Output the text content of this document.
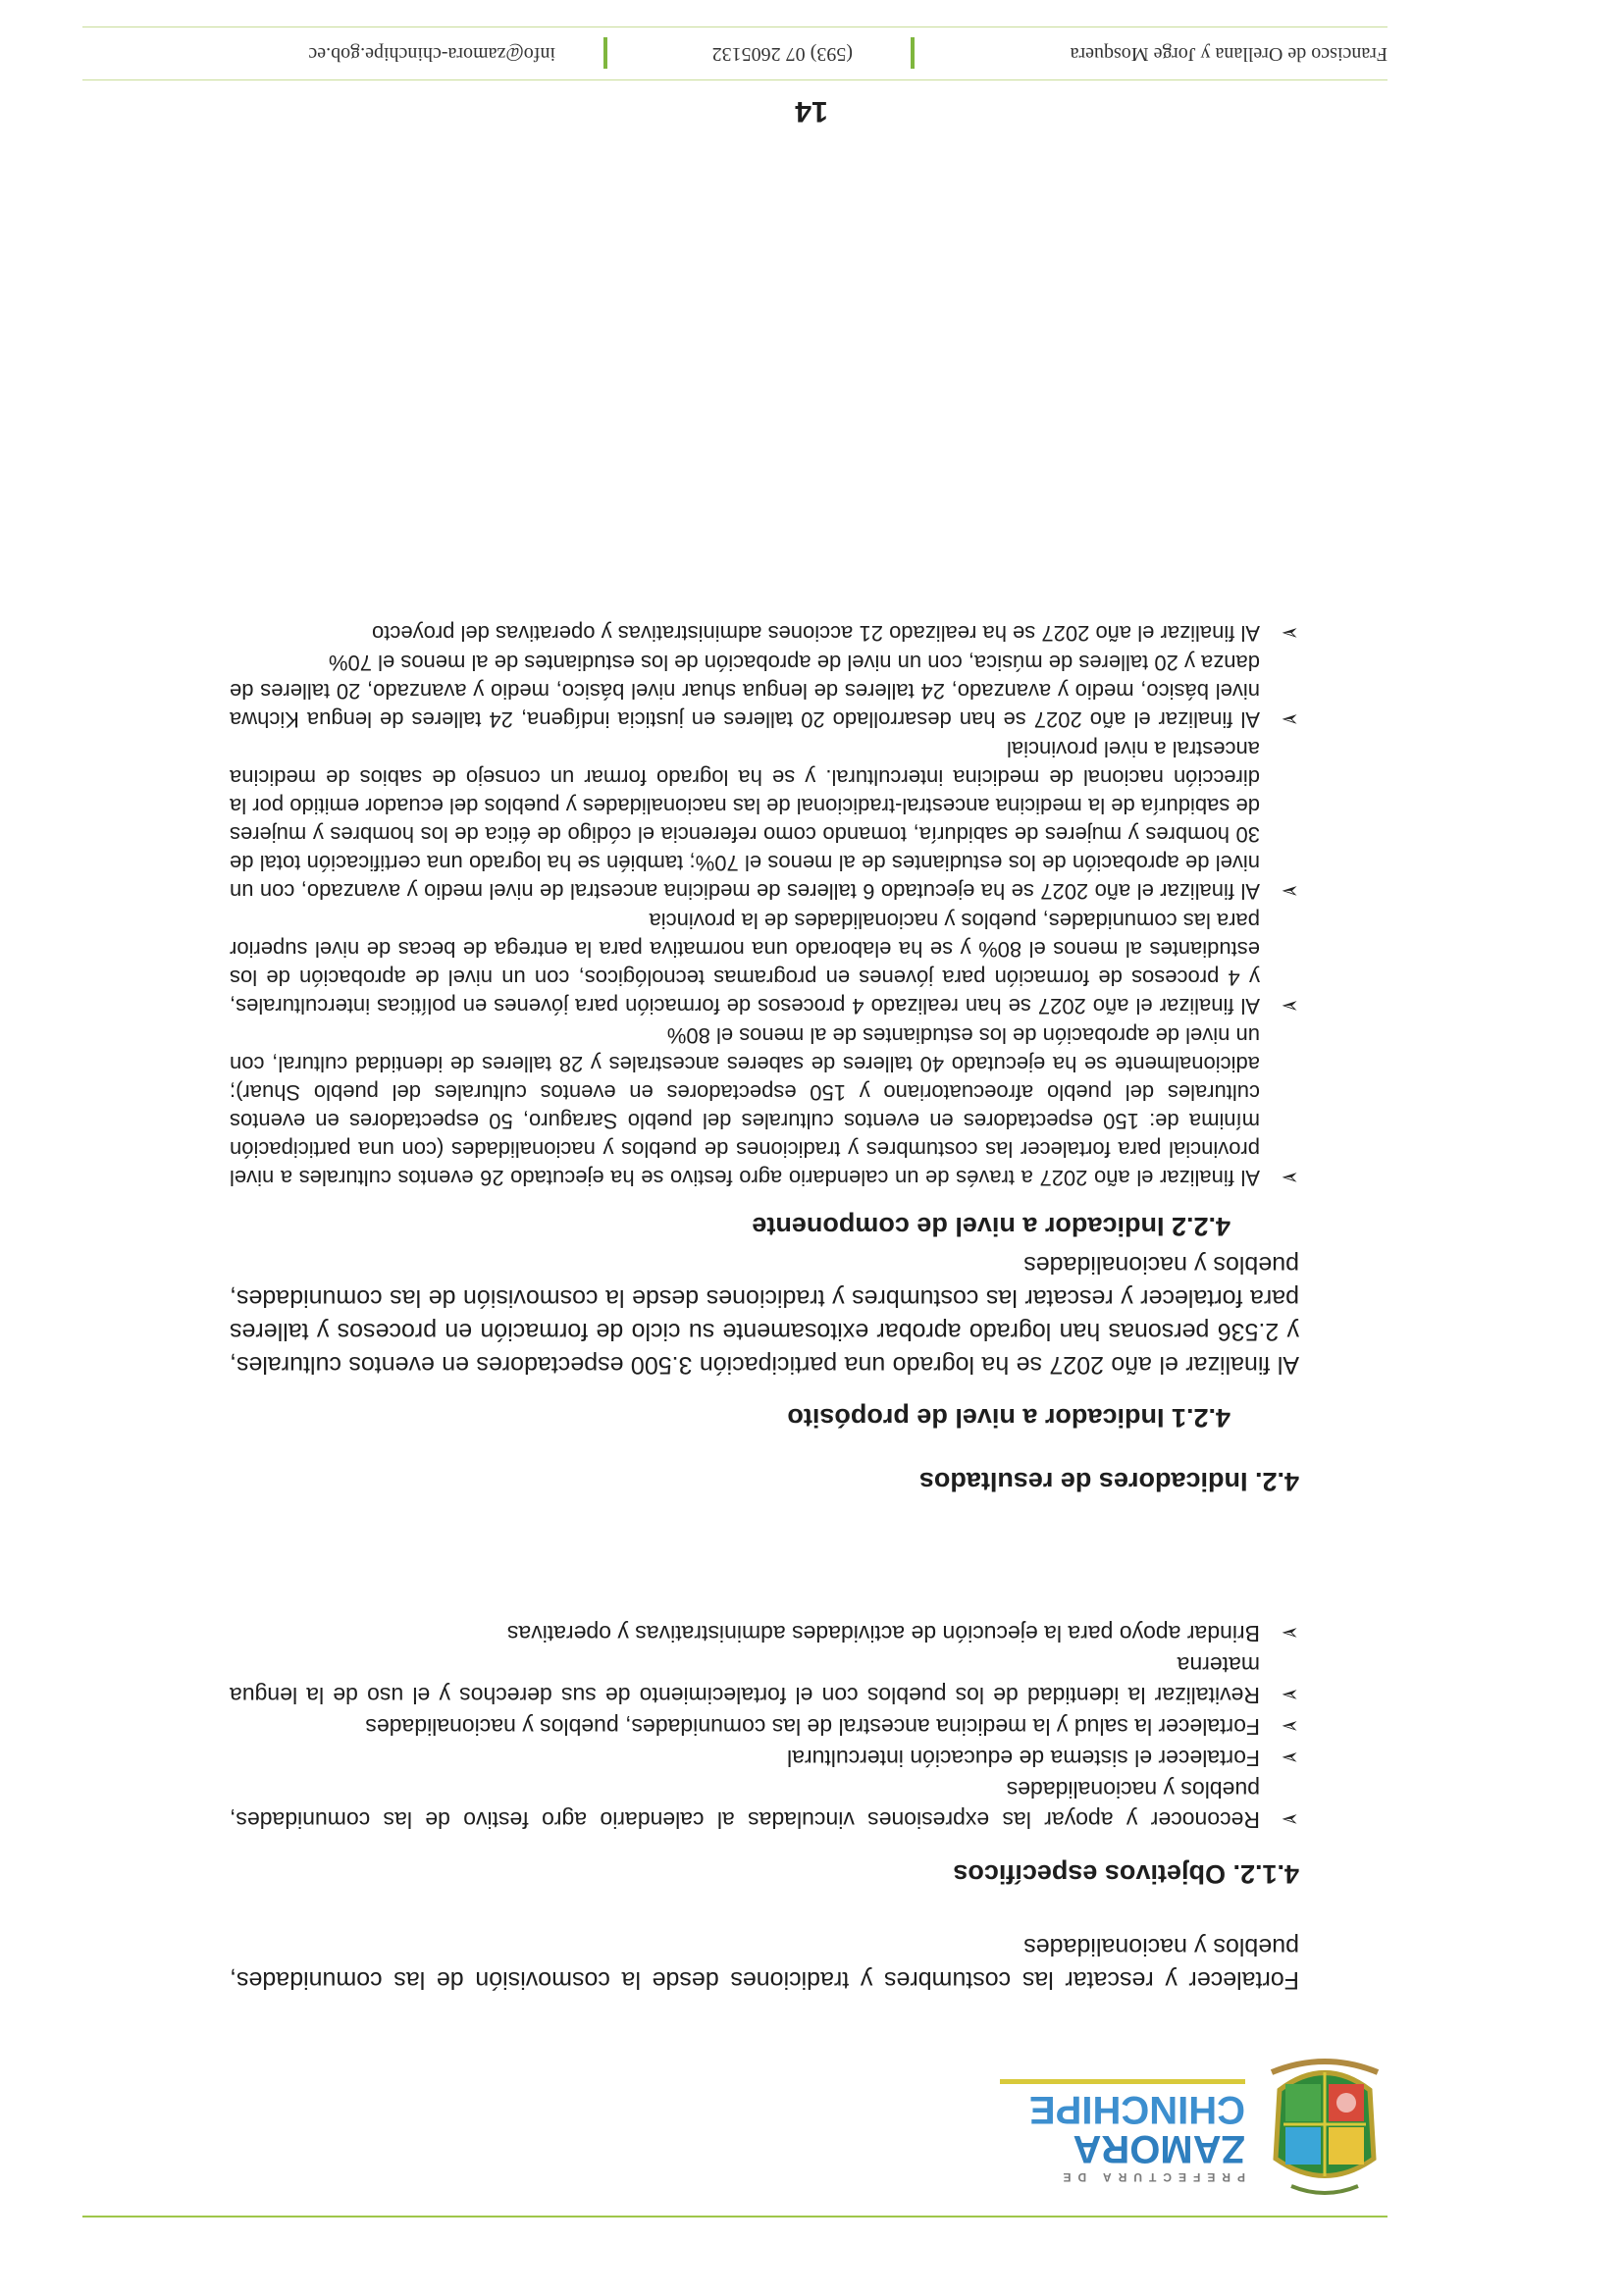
PREFECTURA DE
ZAMORA
CHINCHIPE
Fortalecer y rescatar las costumbres y tradiciones desde la cosmovisión de las comunidades, pueblos y nacionalidades
4.1.2. Objetivos específicos
➢
Reconocer y apoyar las expresiones vinculadas al calendario agro festivo de las comunidades, pueblos y nacionalidades
➢
Fortalecer el sistema de educación intercultural
➢
Fortalecer la salud y la medicina ancestral de las comunidades, pueblos y nacionalidades
➢
Revitalizar la identidad de los pueblos con el fortalecimiento de sus derechos y el uso de la lengua materna
➢
Brindar apoyo para la ejecución de actividades administrativas y operativas
4.2. Indicadores de resultados
4.2.1 Indicador a nivel de propósito
Al finalizar el año 2027 se ha logrado una participación 3.500 espectadores en eventos culturales, y 2.536 personas han logrado aprobar exitosamente su ciclo de formación en procesos y talleres para fortalecer y rescatar las costumbres y tradiciones desde la cosmovisión de las comunidades, pueblos y nacionalidades
4.2.2 Indicador a nivel de componente
➢
Al finalizar el año 2027 a través de un calendario agro festivo se ha ejecutado 26 eventos culturales a nivel provincial para fortalecer las costumbres y tradiciones de pueblos y nacionalidades (con una participación mínima de: 150 espectadores en eventos culturales del pueblo Saraguro, 50 espectadores en eventos culturales del pueblo afroecuatoriano y 150 espectadores en eventos culturales del pueblo Shuar); adicionalmente se ha ejecutado 40 talleres de saberes ancestrales y 28 talleres de identidad cultural, con un nivel de aprobación de los estudiantes de al menos el 80%
➢
Al finalizar el año 2027 se han realizado 4 procesos de formación para jóvenes en políticas interculturales, y 4 procesos de formación para jóvenes en programas tecnológicos, con un nivel de aprobación de los estudiantes al menos el 80% y se ha elaborado una normativa para la entrega de becas de nivel superior para las comunidades, pueblos y nacionalidades de la provincia
➢
Al finalizar el año 2027 se ha ejecutado 6 talleres de medicina ancestral de nivel medio y avanzado, con un nivel de aprobación de los estudiantes de al menos el 70%; también se ha logrado una certificación total de 30 hombres y mujeres de sabiduría, tomando como referencia el código de ética de los hombres y mujeres de sabiduría de la medicina ancestral-tradicional de las nacionalidades y pueblos del ecuador emitido por la dirección nacional de medicina intercultural. y se ha logrado formar un consejo de sabios de medicina ancestral a nivel provincial
➢
Al finalizar el año 2027 se han desarrollado 20 talleres en justicia indígena, 24 talleres de lengua Kichwa nivel básico, medio y avanzado, 24 talleres de lengua shuar nivel básico, medio y avanzado, 20 talleres de danza y 20 talleres de música, con un nivel de aprobación de los estudiantes de al menos el 70%
➢
Al finalizar el año 2027 se ha realizado 21 acciones administrativas y operativas del proyecto
14
Francisco de Orellana y Jorge Mosquera
(593) 07 2605132
info@zamora-chinchipe.gob.ec
